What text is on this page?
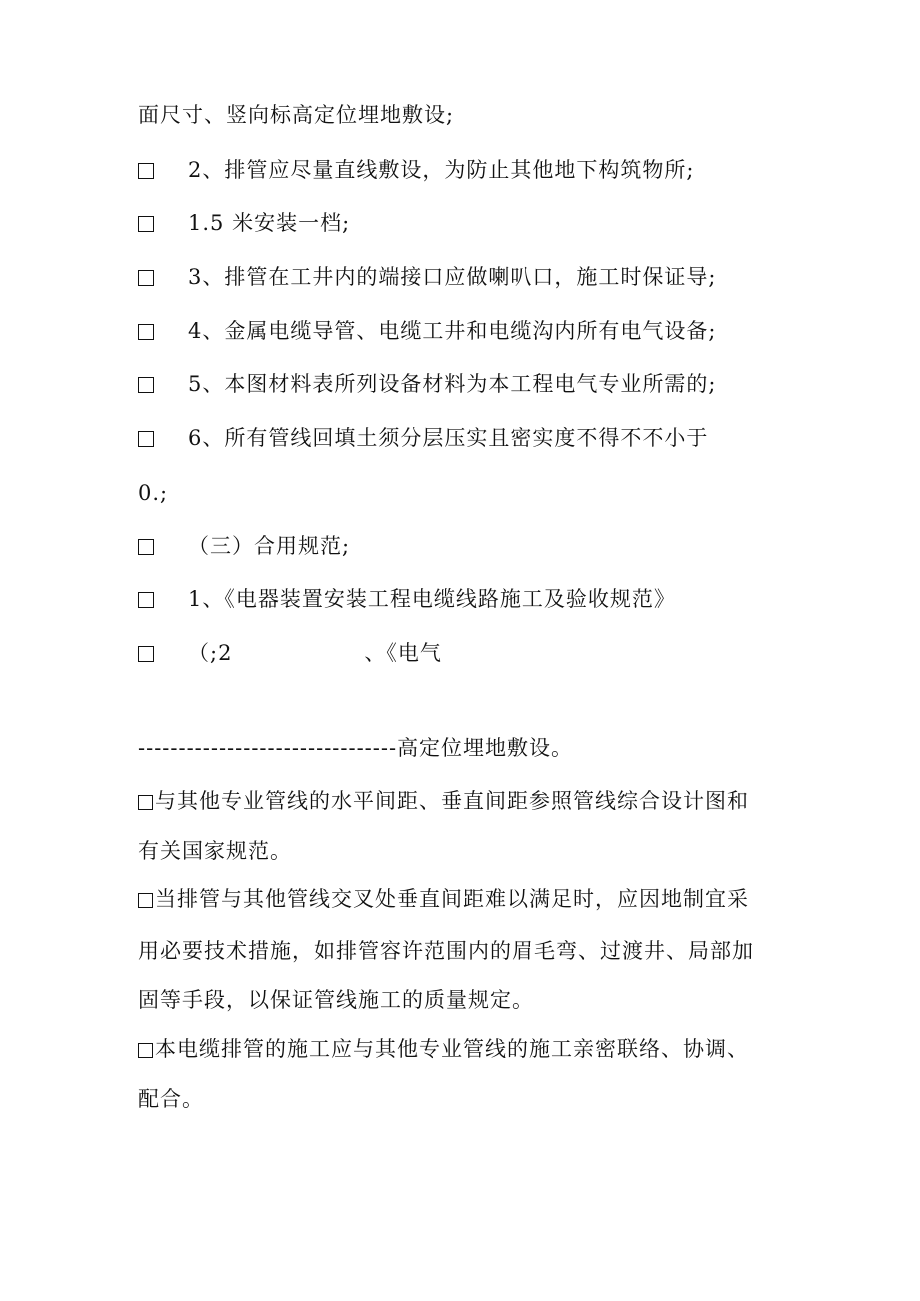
面尺寸、竖向标高定位埋地敷设;
2、排管应尽量直线敷设，为防止其他地下构筑物所;
1.5 米安装一档;
3、排管在工井内的端接口应做喇叭口，施工时保证导;
4、金属电缆导管、电缆工井和电缆沟内所有电气设备;
5、本图材料表所列设备材料为本工程电气专业所需的;
6、所有管线回填土须分层压实且密实度不得不不小于
0.;
（三）合用规范;
1、《电器装置安装工程电缆线路施工及验收规范》
（;2　　　　　　、《电气
--------------------------------高定位埋地敷设。
与其他专业管线的水平间距、垂直间距参照管线综合设计图和
有关国家规范。
当排管与其他管线交叉处垂直间距难以满足时，应因地制宜采
用必要技术措施，如排管容许范围内的眉毛弯、过渡井、局部加
固等手段，以保证管线施工的质量规定。
本电缆排管的施工应与其他专业管线的施工亲密联络、协调、
配合。
